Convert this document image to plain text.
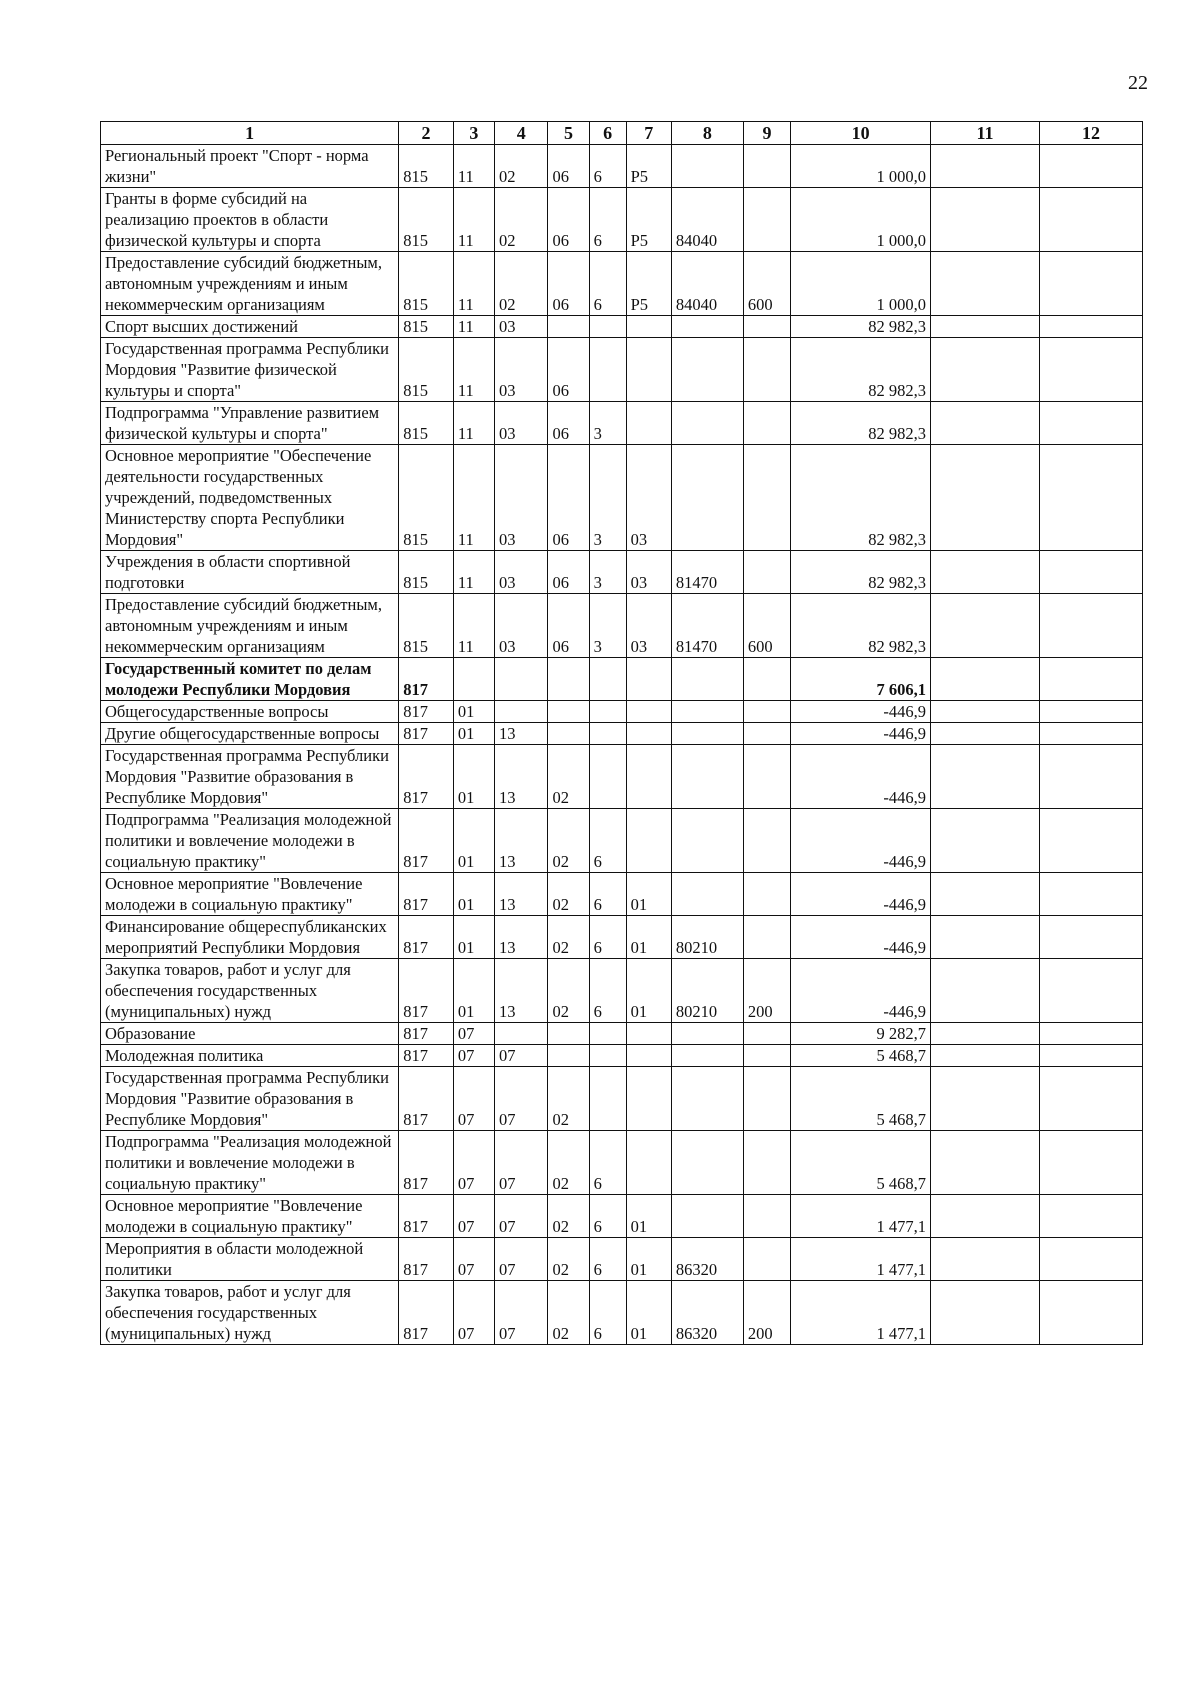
22
1	2	3	4	5	6	7	8	9	10	11	12
Региональный проект "Спорт - норма жизни"	815	11	02	06	6	P5			1 000,0		
Гранты в форме субсидий на реализацию проектов в области физической культуры и спорта	815	11	02	06	6	P5	84040		1 000,0		
Предоставление субсидий бюджетным, автономным учреждениям и иным некоммерческим организациям	815	11	02	06	6	P5	84040	600	1 000,0		
Спорт высших достижений	815	11	03						82 982,3		
Государственная программа Республики Мордовия "Развитие физической культуры и спорта"	815	11	03	06					82 982,3		
Подпрограмма "Управление развитием физической культуры и спорта"	815	11	03	06	3				82 982,3		
Основное мероприятие "Обеспечение деятельности государственных учреждений, подведомственных Министерству спорта Республики Мордовия"	815	11	03	06	3	03			82 982,3		
Учреждения в области спортивной подготовки	815	11	03	06	3	03	81470		82 982,3		
Предоставление субсидий бюджетным, автономным учреждениям и иным некоммерческим организациям	815	11	03	06	3	03	81470	600	82 982,3		
Государственный комитет по делам молодежи Республики Мордовия	817								7 606,1		
Общегосударственные вопросы	817	01							-446,9		
Другие общегосударственные вопросы	817	01	13						-446,9		
Государственная программа Республики Мордовия "Развитие образования в Республике Мордовия"	817	01	13	02					-446,9		
Подпрограмма "Реализация молодежной политики и вовлечение молодежи в социальную практику"	817	01	13	02	6				-446,9		
Основное мероприятие "Вовлечение молодежи в социальную практику"	817	01	13	02	6	01			-446,9		
Финансирование общереспубликанских мероприятий Республики Мордовия	817	01	13	02	6	01	80210		-446,9		
Закупка товаров, работ и услуг для обеспечения государственных (муниципальных) нужд	817	01	13	02	6	01	80210	200	-446,9		
Образование	817	07							9 282,7		
Молодежная политика	817	07	07						5 468,7		
Государственная программа Республики Мордовия "Развитие образования в Республике Мордовия"	817	07	07	02					5 468,7		
Подпрограмма "Реализация молодежной политики и вовлечение молодежи в социальную практику"	817	07	07	02	6				5 468,7		
Основное мероприятие "Вовлечение молодежи в социальную практику"	817	07	07	02	6	01			1 477,1		
Мероприятия в области молодежной политики	817	07	07	02	6	01	86320		1 477,1		
Закупка товаров, работ и услуг для обеспечения государственных (муниципальных) нужд	817	07	07	02	6	01	86320	200	1 477,1		
